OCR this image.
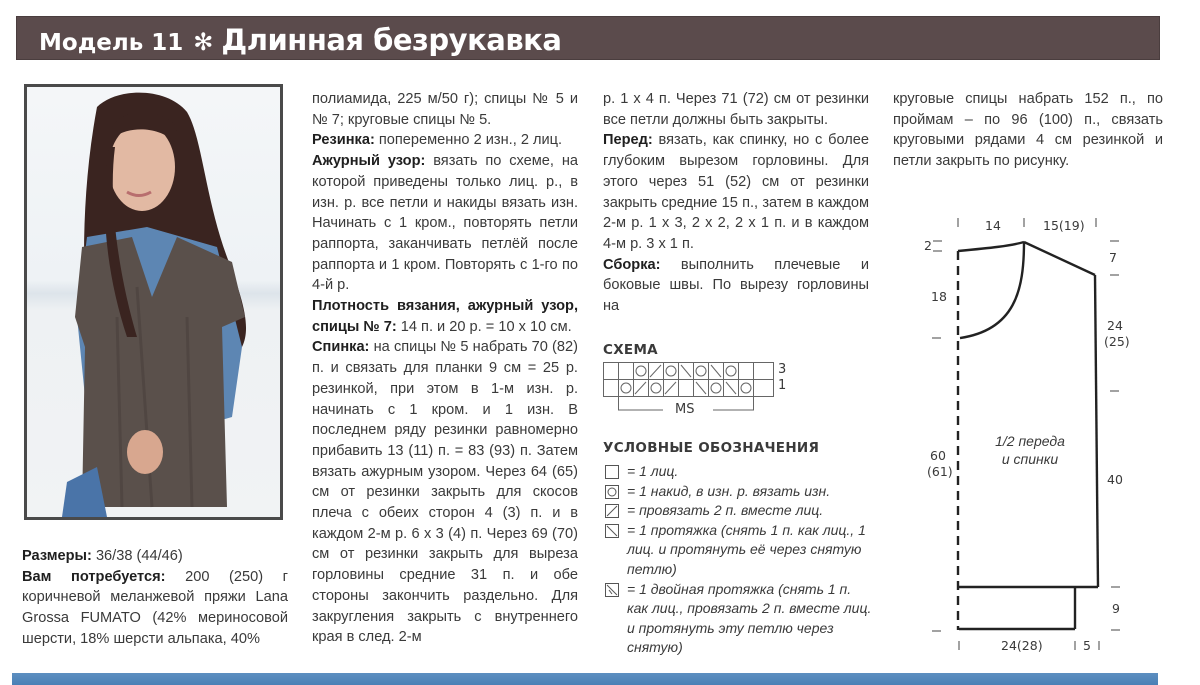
Модель 11 ✻ Длинная безрукавка

Размеры: 36/38 (44/46)

Вам потребуется: 200 (250) г коричневой меланжевой пряжи Lana Grossa FUMATO (42% мериносовой шерсти, 18% шерсти альпака, 40%

полиамида, 225 м/50 г); спицы № 5 и № 7; круговые спицы № 5.

Резинка: попеременно 2 изн., 2 лиц.

Ажурный узор: вязать по схеме, на которой приведены только лиц. р., в изн. р. все петли и накиды вязать изн. Начинать с 1 кром., повторять петли раппорта, заканчивать петлёй после раппорта и 1 кром. Повторять с 1-го по 4-й р.

Плотность вязания, ажурный узор, спицы № 7: 14 п. и 20 р. = 10 х 10 см.

Спинка: на спицы № 5 набрать 70 (82) п. и связать для планки 9 см = 25 р. резинкой, при этом в 1-м изн. р. начинать с 1 кром. и 1 изн. В последнем ряду резинки равномерно прибавить 13 (11) п. = 83 (93) п. Затем вязать ажурным узором. Через 64 (65) см от резинки закрыть для скосов плеча с обеих сторон 4 (3) п. и в каждом 2-м р. 6 х 3 (4) п. Через 69 (70) см от резинки закрыть для выреза горловины средние 31 п. и обе стороны закончить раздельно. Для закругления закрыть с внутреннего края в след. 2-м

р. 1 х 4 п. Через 71 (72) см от резинки все петли должны быть закрыты.

Перед: вязать, как спинку, но с более глубоким вырезом горловины. Для этого через 51 (52) см от резинки закрыть средние 15 п., затем в каждом 2-м р. 1 х 3, 2 х 2, 2 х 1 п. и в каждом 4-м р. 3 х 1 п.

Сборка: выполнить плечевые и боковые швы. По вырезу горловины на

СХЕМА
3
1
MS
УСЛОВНЫЕ ОБОЗНАЧЕНИЯ
= 1 лиц.
= 1 накид, в изн. р. вязать изн.
= провязать 2 п. вместе лиц.
= 1 протяжка (снять 1 п. как лиц., 1 лиц. и протянуть её через снятую петлю)
= 1 двойная протяжка (снять 1 п. как лиц., провязать 2 п. вместе лиц. и протянуть эту петлю через снятую)

круговые спицы набрать 152 п., по проймам – по 96 (100) п., связать круговыми рядами 4 см резинкой и петли закрыть по рисунку.

14	15(19)
2
18
7
24
(25)
60
(61)
40
9
24(28)	5
1/2 переда
и спинки
